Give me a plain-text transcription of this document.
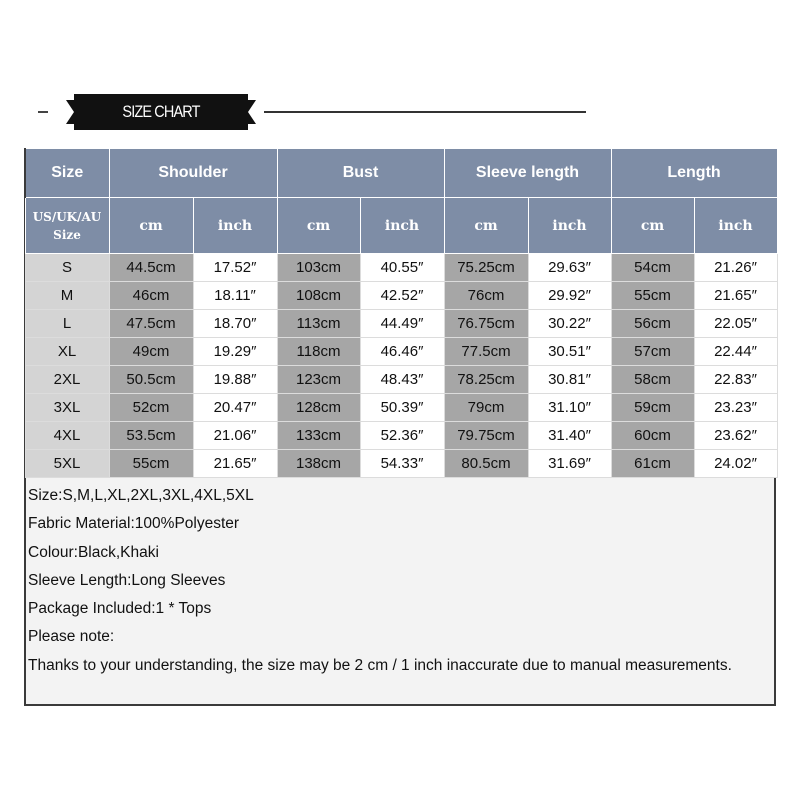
SIZE CHART
Size	Shoulder		Bust		Sleeve length		Length	
US/UK/AU
Size	cm	inch	cm	inch	cm	inch	cm	inch
S	44.5cm	17.52″	103cm	40.55″	75.25cm	29.63″	54cm	21.26″
M	46cm	18.11″	108cm	42.52″	76cm	29.92″	55cm	21.65″
L	47.5cm	18.70″	113cm	44.49″	76.75cm	30.22″	56cm	22.05″
XL	49cm	19.29″	118cm	46.46″	77.5cm	30.51″	57cm	22.44″
2XL	50.5cm	19.88″	123cm	48.43″	78.25cm	30.81″	58cm	22.83″
3XL	52cm	20.47″	128cm	50.39″	79cm	31.10″	59cm	23.23″
4XL	53.5cm	21.06″	133cm	52.36″	79.75cm	31.40″	60cm	23.62″
5XL	55cm	21.65″	138cm	54.33″	80.5cm	31.69″	61cm	24.02″
Size:S,M,L,XL,2XL,3XL,4XL,5XL
Fabric Material:100%Polyester
Colour:Black,Khaki
Sleeve Length:Long Sleeves
Package Included:1 * Tops
Please note:
Thanks to your understanding, the size may be 2 cm / 1 inch inaccurate due to manual measurements.
